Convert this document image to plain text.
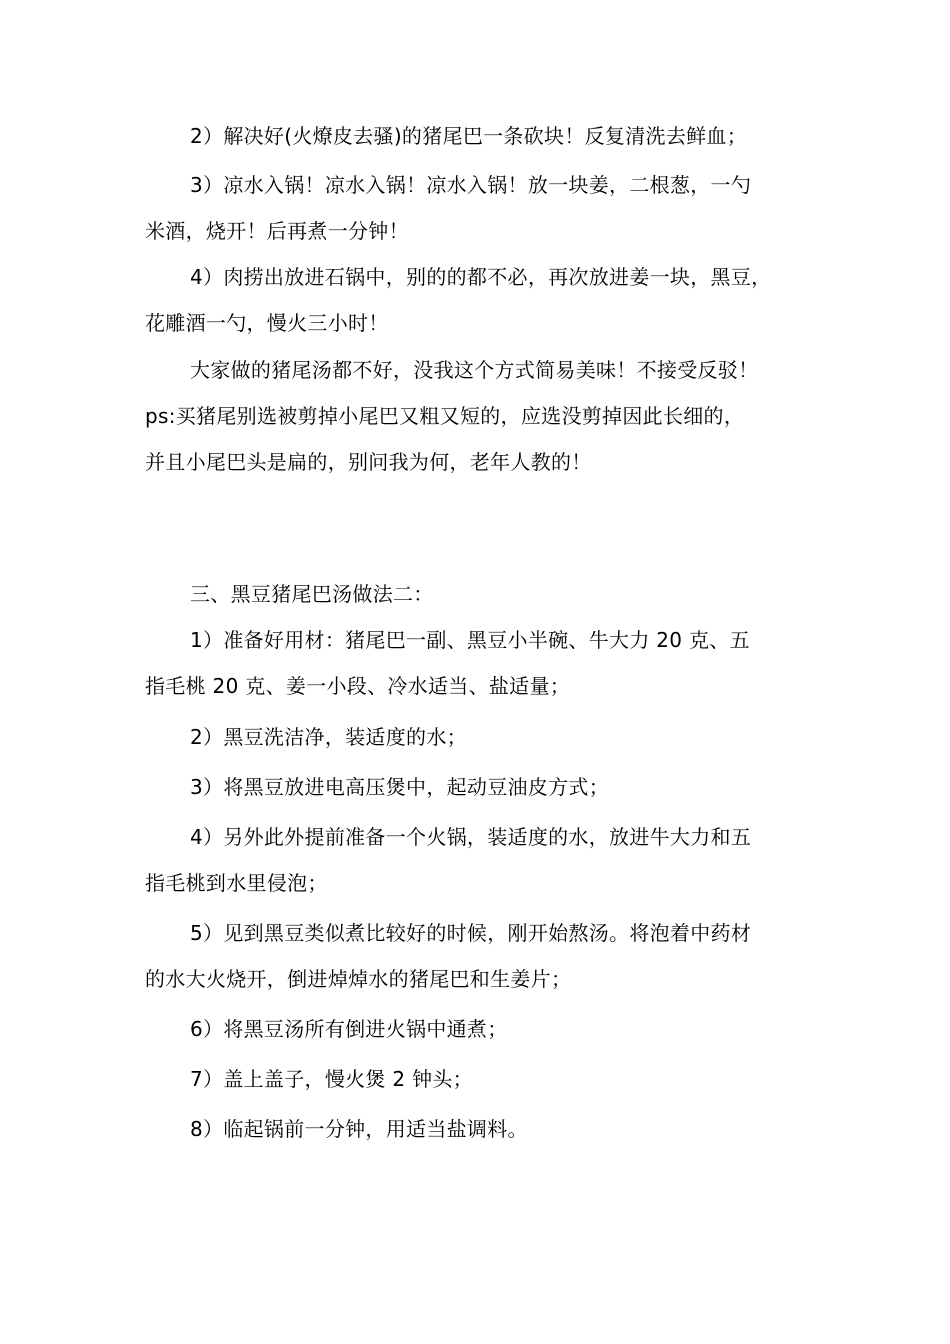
2）解决好(火燎皮去骚)的猪尾巴一条砍块！反复清洗去鲜血；
3）凉水入锅！凉水入锅！凉水入锅！放一块姜，二根葱，一勺
米酒，烧开！后再煮一分钟！
4）肉捞出放进石锅中，别的的都不必，再次放进姜一块，黑豆，
花雕酒一勺，慢火三小时！
大家做的猪尾汤都不好，没我这个方式简易美味！不接受反驳！
ps:买猪尾别选被剪掉小尾巴又粗又短的，应选没剪掉因此长细的，
并且小尾巴头是扁的，别问我为何，老年人教的！
三、黑豆猪尾巴汤做法二：
1）准备好用材：猪尾巴一副、黑豆小半碗、牛大力 20 克、五
指毛桃 20 克、姜一小段、冷水适当、盐适量；
2）黑豆洗洁净，装适度的水；
3）将黑豆放进电高压煲中，起动豆油皮方式；
4）另外此外提前准备一个火锅，装适度的水，放进牛大力和五
指毛桃到水里侵泡；
5）见到黑豆类似煮比较好的时候，刚开始熬汤。将泡着中药材
的水大火烧开，倒进焯焯水的猪尾巴和生姜片；
6）将黑豆汤所有倒进火锅中通煮；
7）盖上盖子，慢火煲 2 钟头；
8）临起锅前一分钟，用适当盐调料。
